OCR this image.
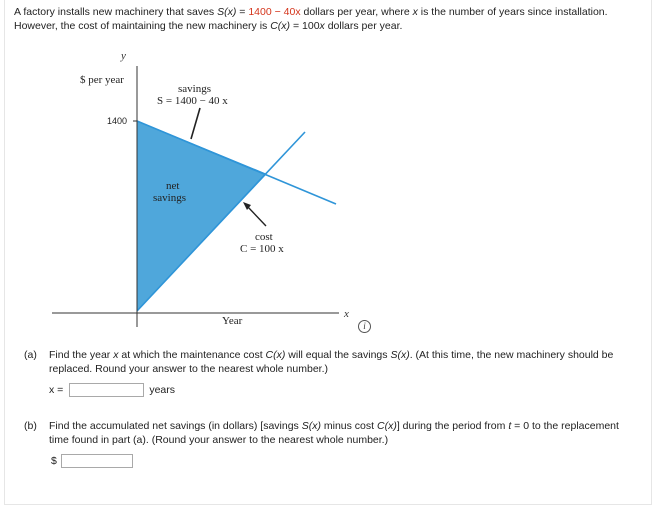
A factory installs new machinery that saves S(x) = 1400 − 40x dollars per year, where x is the number of years since installation. However, the cost of maintaining the new machinery is C(x) = 100x dollars per year.
y
$ per year
1400
savings
S = 1400 − 40 x
net
savings
cost
C = 100 x
Year
x
i
(a) Find the year x at which the maintenance cost C(x) will equal the savings S(x). (At this time, the new machinery should be replaced. Round your answer to the nearest whole number.)
x =	years
(b) Find the accumulated net savings (in dollars) [savings S(x) minus cost C(x)] during the period from t = 0 to the replacement time found in part (a). (Round your answer to the nearest whole number.)
$
